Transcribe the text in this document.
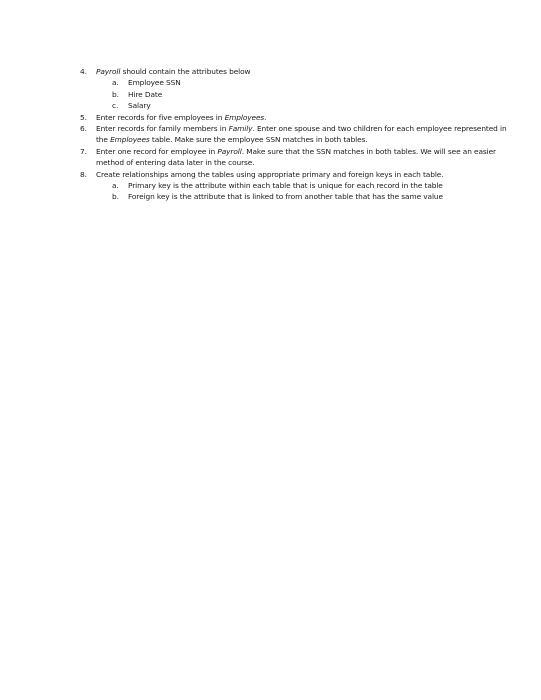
4. Payroll should contain the attributes below
a. Employee SSN
b. Hire Date
c. Salary
5. Enter records for five employees in Employees.
6. Enter records for family members in Family. Enter one spouse and two children for each employee represented in the Employees table. Make sure the employee SSN matches in both tables.
7. Enter one record for employee in Payroll. Make sure that the SSN matches in both tables. We will see an easier method of entering data later in the course.
8. Create relationships among the tables using appropriate primary and foreign keys in each table.
a. Primary key is the attribute within each table that is unique for each record in the table
b. Foreign key is the attribute that is linked to from another table that has the same value
